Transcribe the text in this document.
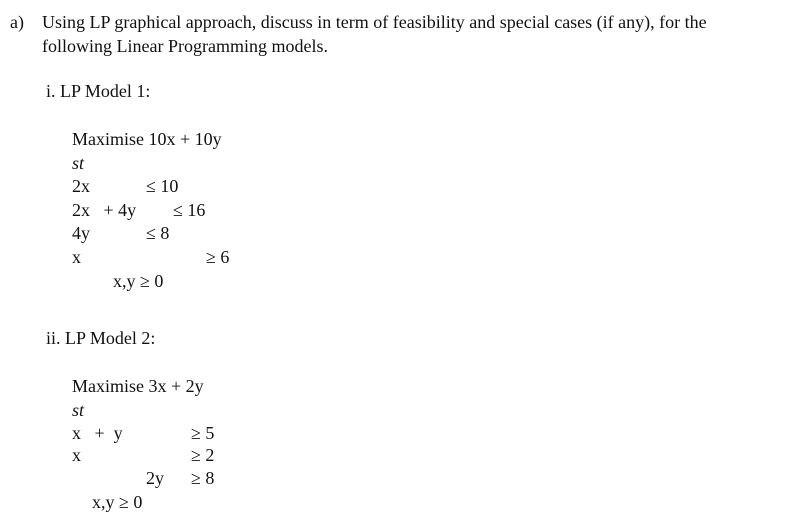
a) Using LP graphical approach, discuss in term of feasibility and special cases (if any), for the
following Linear Programming models.
i. LP Model 1:
Maximise 10x + 10y
st
2x	≤ 10
2x   + 4y ≤ 16
4y	≤ 8
x	≥ 6
x,y ≥ 0
ii. LP Model 2:
Maximise 3x + 2y
st
x   +  y	≥ 5
x	≥ 2
2y ≥ 8
x,y ≥ 0
